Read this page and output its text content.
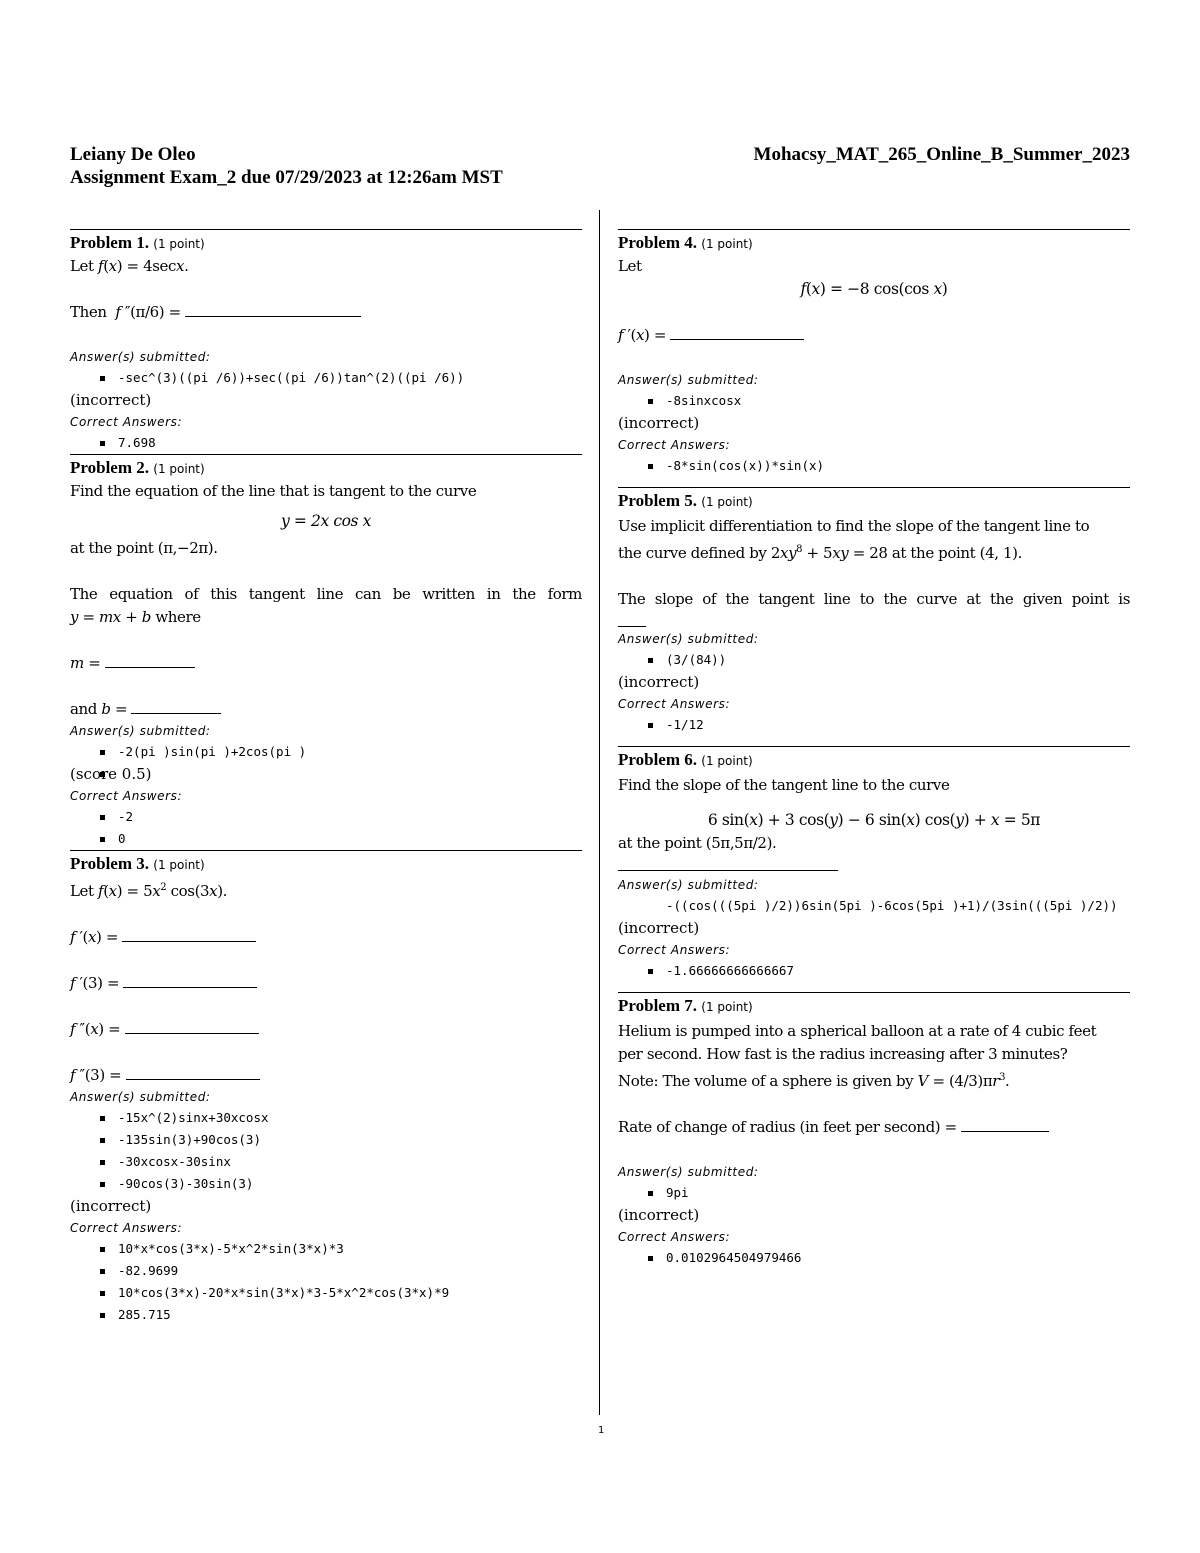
Leiany De Oleo
Assignment Exam_2 due 07/29/2023 at 12:26am MST
Mohacsy_MAT_265_Online_B_Summer_2023

Problem 1. (1 point)

Let f(x) = 4secx.

Then  f ″(π/6) =

Answer(s) submitted:

-sec^(3)((pi /6))+sec((pi /6))tan^(2)((pi /6))

(incorrect)

Correct Answers:

7.698

Problem 2. (1 point)

Find the equation of the line that is tangent to the curve

y = 2x cos x

at the point (π,−2π).

The equation of this tangent line can be written in the form

y = mx + b where

m =

and b =

Answer(s) submitted:

-2(pi )sin(pi )+2cos(pi )

(score 0.5)

Correct Answers:

-2
0

Problem 3. (1 point)

Let $f(x) = 5x^2$ cos(3x).

f ′(x) =

f ′(3) =

f ″(x) =

f ″(3) =

Answer(s) submitted:

-15x^(2)sinx+30xcosx
-135sin(3)+90cos(3)
-30xcosx-30sinx
-90cos(3)-30sin(3)

(incorrect)

Correct Answers:

10*x*cos(3*x)-5*x^2*sin(3*x)*3
-82.9699
10*cos(3*x)-20*x*sin(3*x)*3-5*x^2*cos(3*x)*9
285.715

Problem 4. (1 point)

Let

f(x) = −8 cos(cos x)

f ′(x) =

Answer(s) submitted:

-8sinxcosx

(incorrect)

Correct Answers:

-8*sin(cos(x))*sin(x)

Problem 5. (1 point)

Use implicit differentiation to find the slope of the tangent line to

the curve defined by $2xy^8 + 5xy = 28$ at the point (4, 1).

The slope of the tangent line to the curve at the given point is

Answer(s) submitted:

(3/(84))

(incorrect)

Correct Answers:

-1/12

Problem 6. (1 point)

Find the slope of the tangent line to the curve

6 sin(x) + 3 cos(y) − 6 sin(x) cos(y) + x = 5π

at the point (5π,5π/2).

Answer(s) submitted:

-((cos(((5pi )/2))6sin(5pi )-6cos(5pi )+1)/(3sin(((5pi )/2))

(incorrect)

Correct Answers:

-1.66666666666667

Problem 7. (1 point)

Helium is pumped into a spherical balloon at a rate of 4 cubic feet

per second. How fast is the radius increasing after 3 minutes?

Note: The volume of a sphere is given by $V = (4/3)\pi r^3$.

Rate of change of radius (in feet per second) =

Answer(s) submitted:

9pi

(incorrect)

Correct Answers:

0.0102964504979466
1
